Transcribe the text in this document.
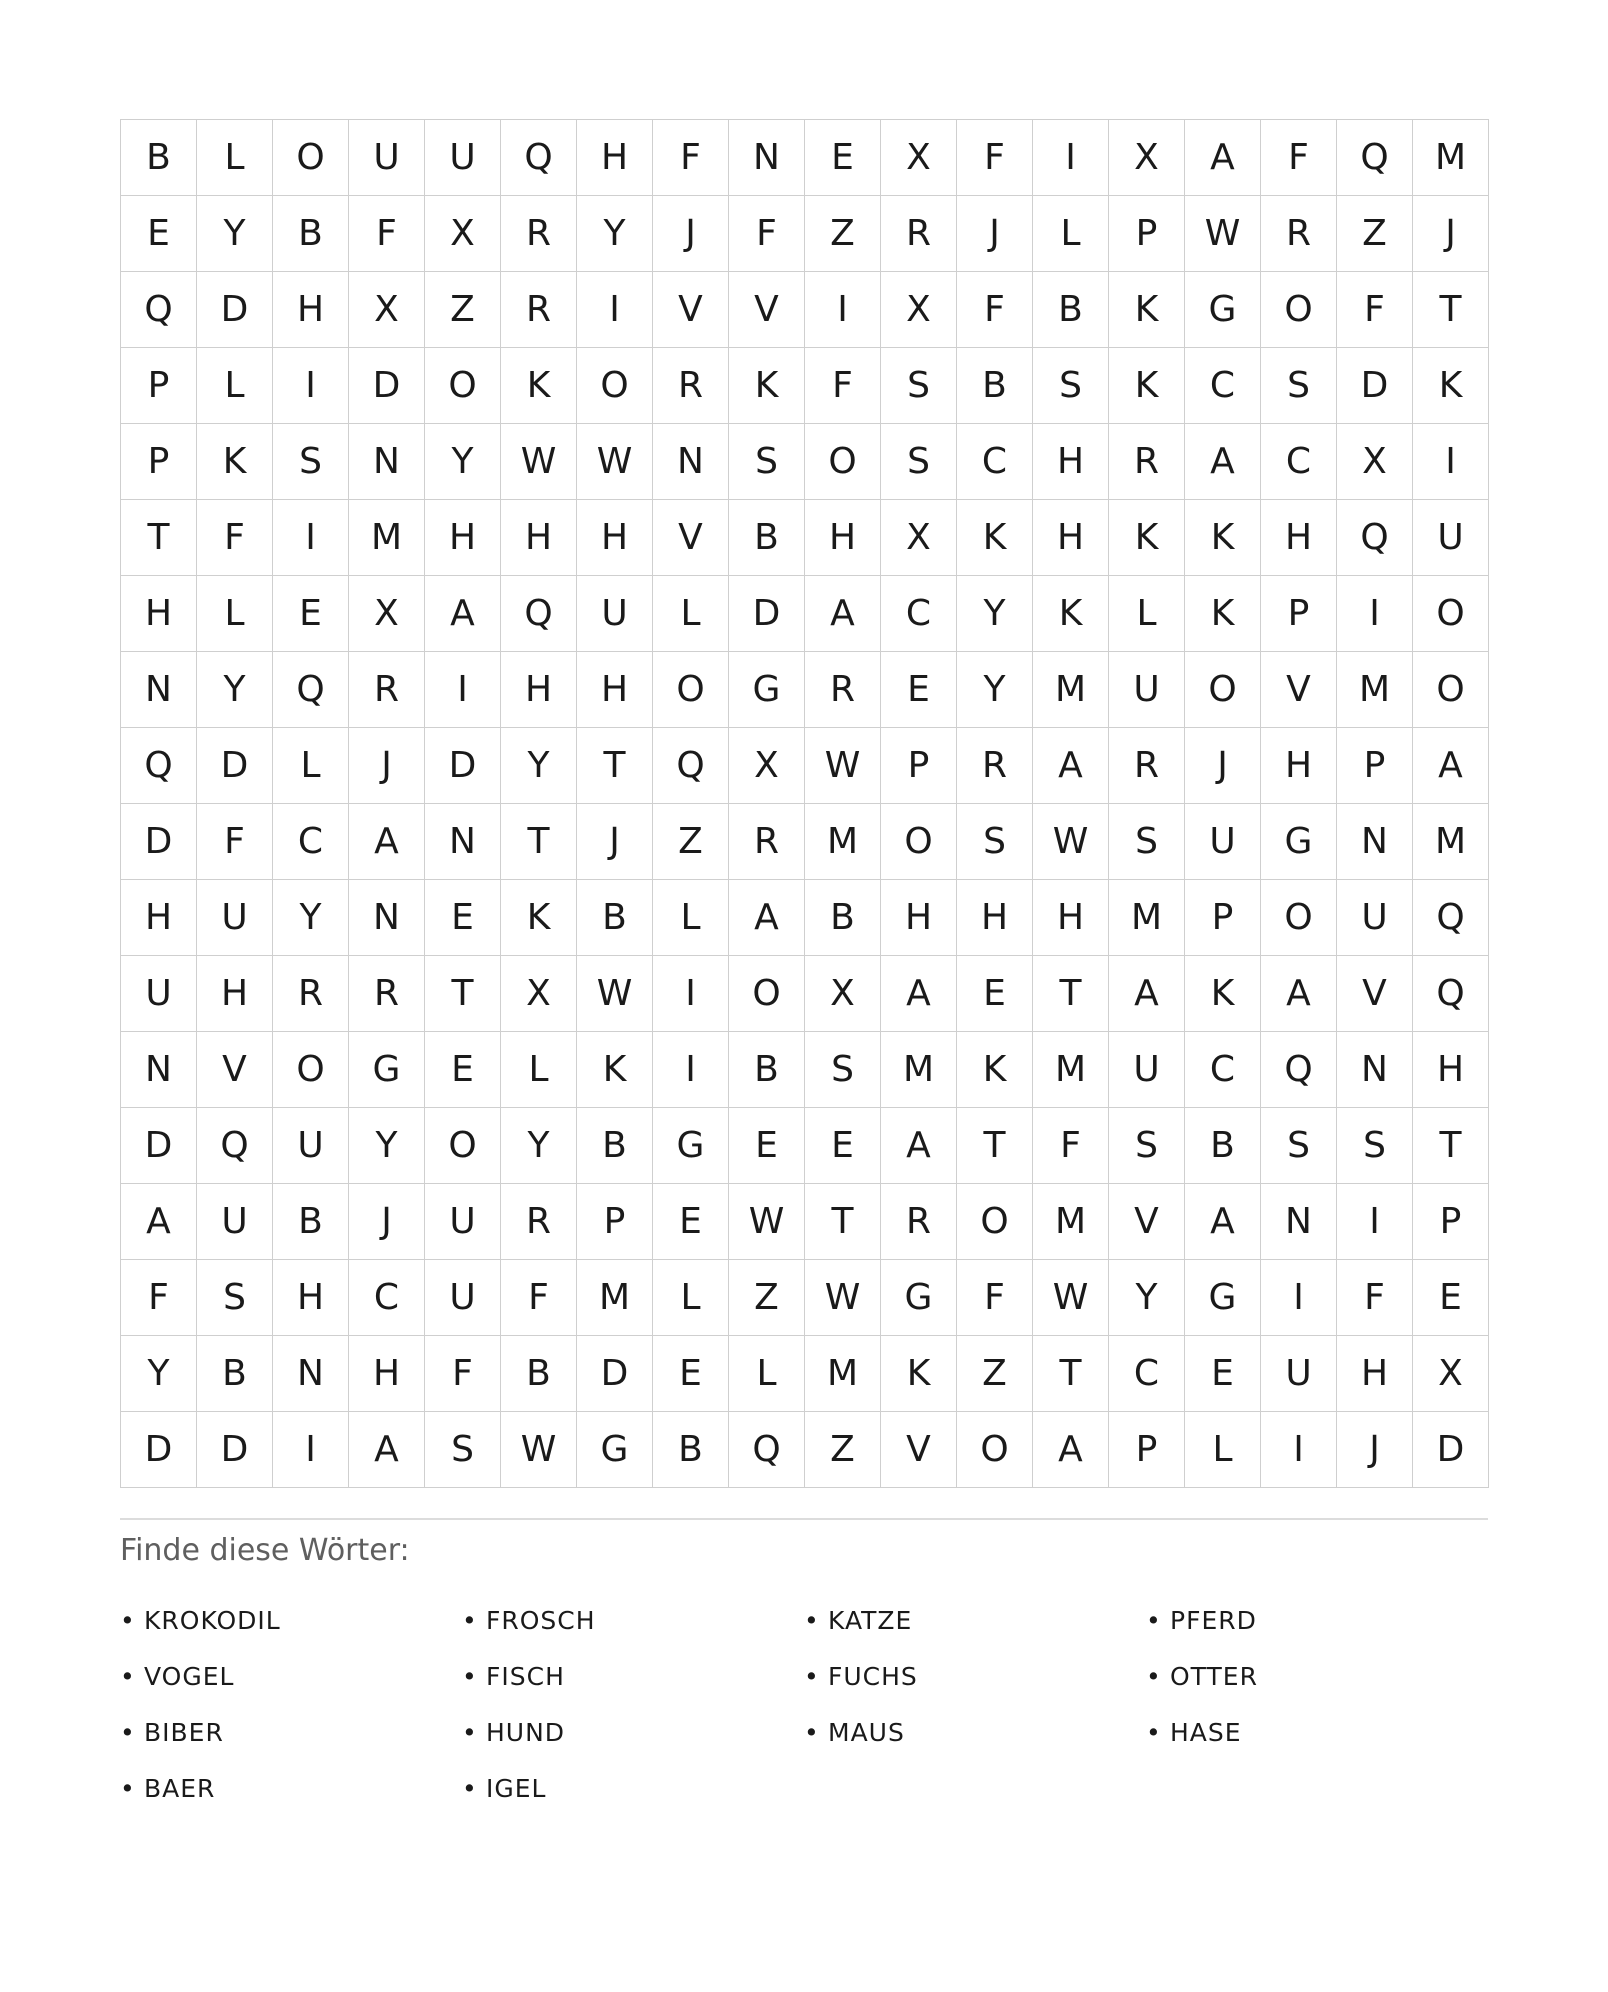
B	L	O	U	U	Q	H	F	N	E	X	F	I	X	A	F	Q	M
E	Y	B	F	X	R	Y	J	F	Z	R	J	L	P	W	R	Z	J
Q	D	H	X	Z	R	I	V	V	I	X	F	B	K	G	O	F	T
P	L	I	D	O	K	O	R	K	F	S	B	S	K	C	S	D	K
P	K	S	N	Y	W	W	N	S	O	S	C	H	R	A	C	X	I
T	F	I	M	H	H	H	V	B	H	X	K	H	K	K	H	Q	U
H	L	E	X	A	Q	U	L	D	A	C	Y	K	L	K	P	I	O
N	Y	Q	R	I	H	H	O	G	R	E	Y	M	U	O	V	M	O
Q	D	L	J	D	Y	T	Q	X	W	P	R	A	R	J	H	P	A
D	F	C	A	N	T	J	Z	R	M	O	S	W	S	U	G	N	M
H	U	Y	N	E	K	B	L	A	B	H	H	H	M	P	O	U	Q
U	H	R	R	T	X	W	I	O	X	A	E	T	A	K	A	V	Q
N	V	O	G	E	L	K	I	B	S	M	K	M	U	C	Q	N	H
D	Q	U	Y	O	Y	B	G	E	E	A	T	F	S	B	S	S	T
A	U	B	J	U	R	P	E	W	T	R	O	M	V	A	N	I	P
F	S	H	C	U	F	M	L	Z	W	G	F	W	Y	G	I	F	E
Y	B	N	H	F	B	D	E	L	M	K	Z	T	C	E	U	H	X
D	D	I	A	S	W	G	B	Q	Z	V	O	A	P	L	I	J	D
Finde diese Wörter:
• KROKODIL	• FROSCH	• KATZE	• PFERD
• VOGEL	• FISCH	• FUCHS	• OTTER
• BIBER	• HUND	• MAUS	• HASE
• BAER	• IGEL
